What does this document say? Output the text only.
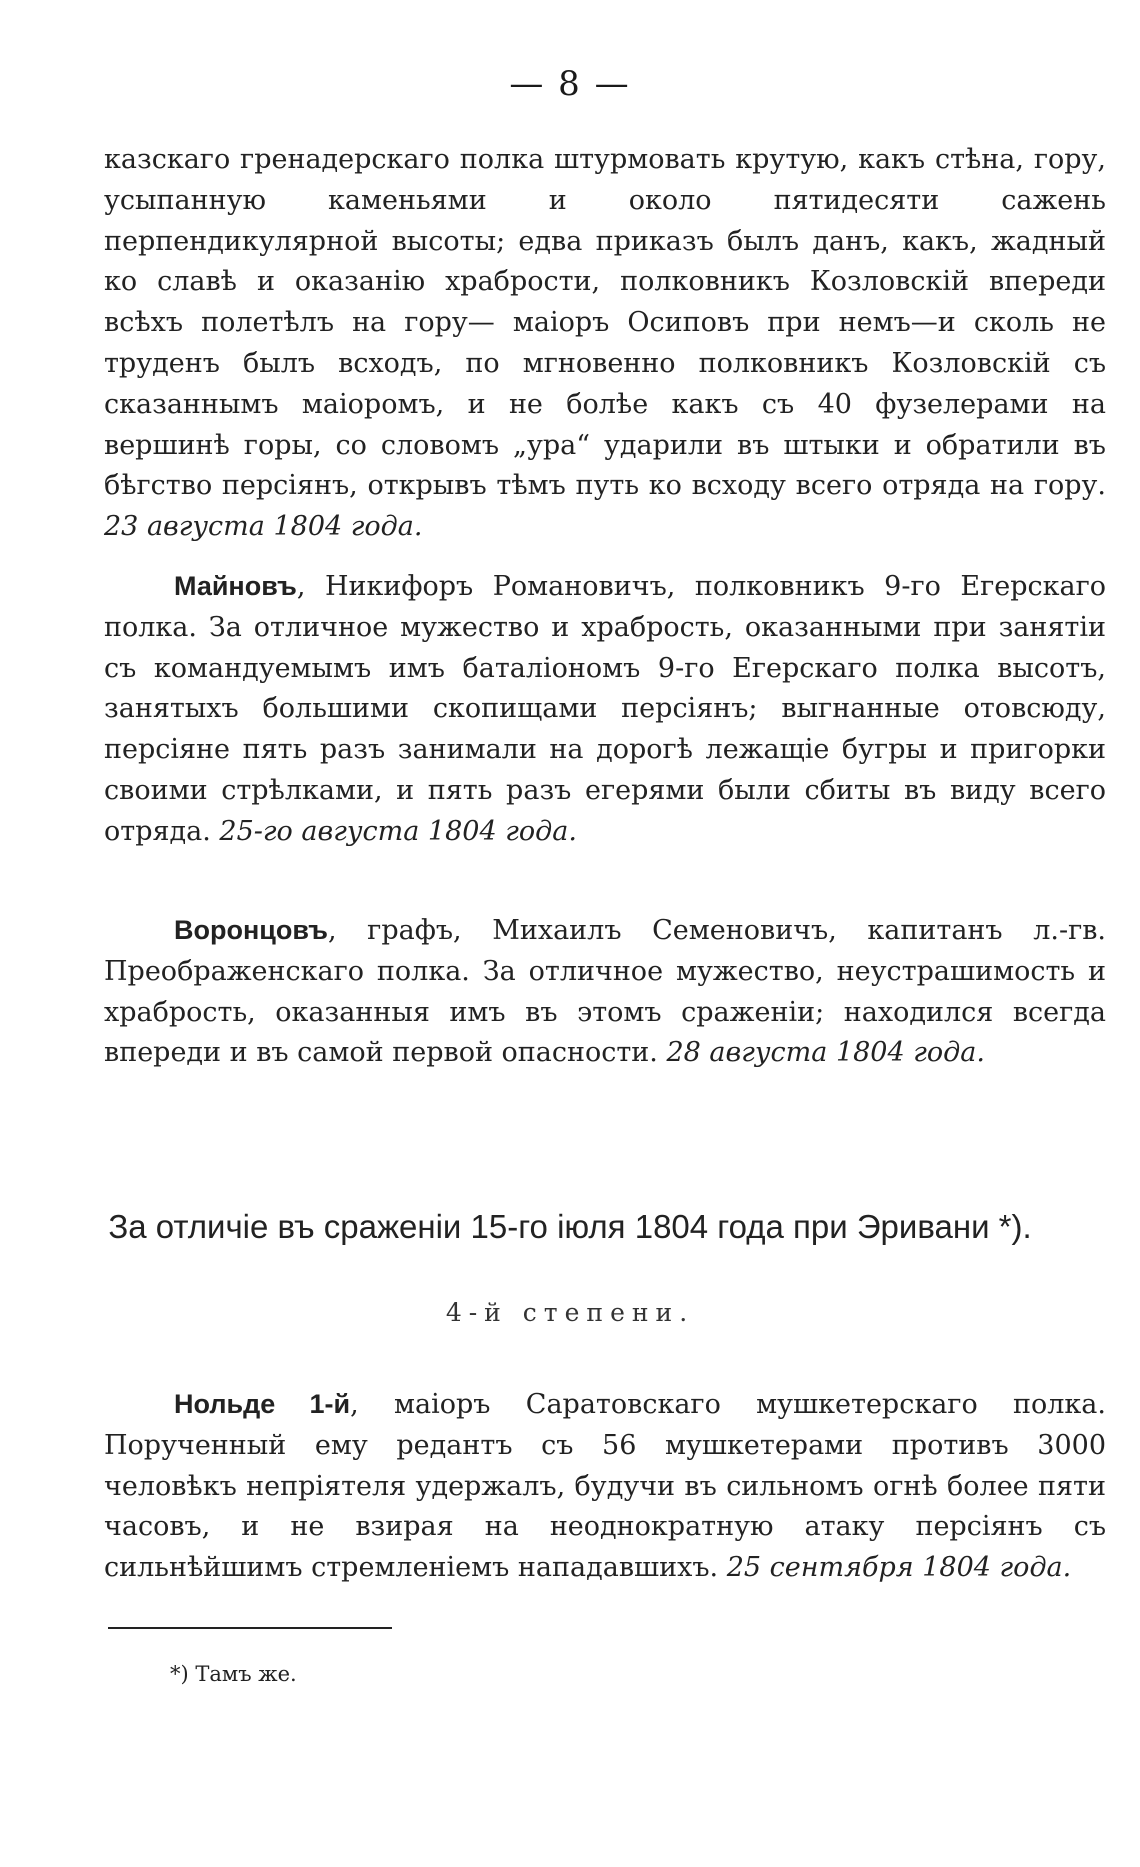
— 8 —

казскаго гренадерскаго полка штурмовать крутую, какъ стѣна, гору, усыпанную каменьями и около пятидесяти сажень перпендикулярной высоты; едва приказъ былъ данъ, какъ, жадный ко славѣ и оказанію храбрости, полковникъ Козловскій впереди всѣхъ полетѣлъ на гору— маіоръ Осиповъ при немъ—и сколь не труденъ былъ всходъ, по мгновенно полковникъ Козловскій съ сказаннымъ маіоромъ, и не болѣе какъ съ 40 фузелерами на вершинѣ горы, со словомъ „ура“ ударили въ штыки и обратили въ бѣгство персіянъ, открывъ тѣмъ путь ко всходу всего отряда на гору. 23 августа 1804 года.

Майновъ, Никифоръ Романовичъ, полковникъ 9-го Егерскаго полка. За отличное мужество и храбрость, оказанными при занятіи съ командуемымъ имъ баталіономъ 9-го Егерскаго полка высотъ, занятыхъ большими скопищами персіянъ; выгнанные отовсюду, персіяне пять разъ занимали на дорогѣ лежащіе бугры и пригорки своими стрѣлками, и пять разъ егерями были сбиты въ виду всего отряда. 25-го августа 1804 года.

Воронцовъ, графъ, Михаилъ Семеновичъ, капитанъ л.-гв. Преображенскаго полка. За отличное мужество, неустрашимость и храбрость, оказанныя имъ въ этомъ сраженіи; находился всегда впереди и въ самой первой опасности. 28 августа 1804 года.

За отличіе въ сраженіи 15-го іюля 1804 года при Эривани *).
4-й степени.

Нольде 1-й, маіоръ Саратовскаго мушкетерскаго полка. Порученный ему редантъ съ 56 мушкетерами противъ 3000 человѣкъ непріятеля удержалъ, будучи въ сильномъ огнѣ более пяти часовъ, и не взирая на неоднократную атаку персіянъ съ сильнѣйшимъ стремленіемъ нападавшихъ. 25 сентября 1804 года.

*) Тамъ же.
